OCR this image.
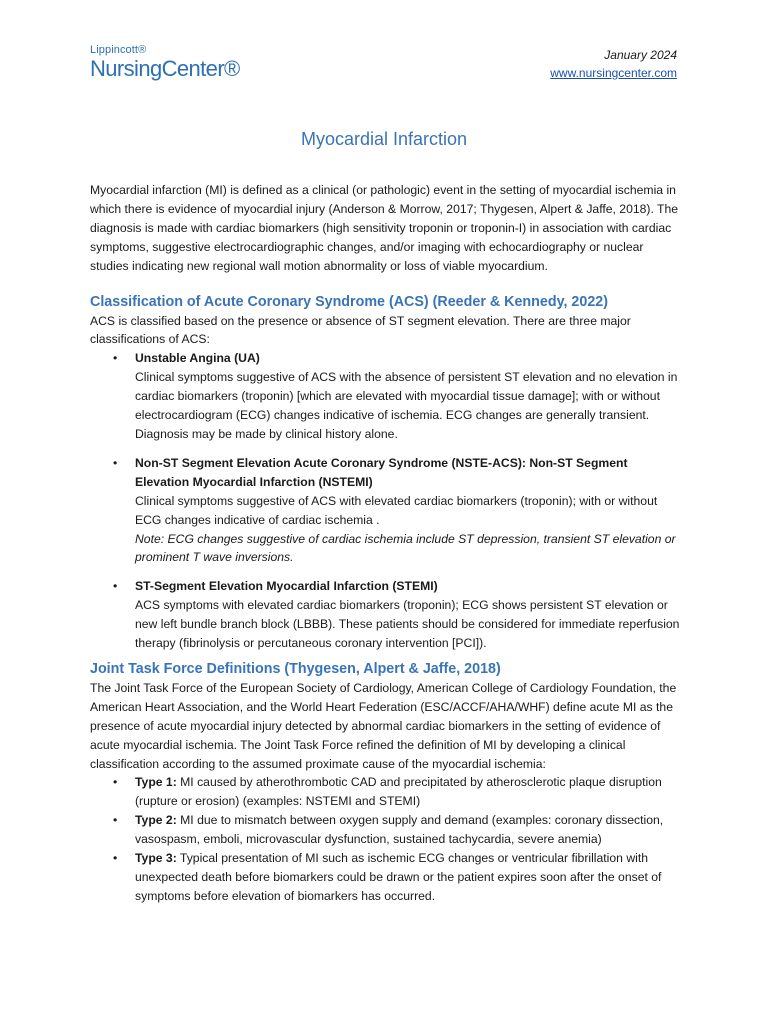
Lippincott®
NursingCenter®
January 2024
www.nursingcenter.com
Myocardial Infarction

Myocardial infarction (MI) is defined as a clinical (or pathologic) event in the setting of myocardial ischemia in which there is evidence of myocardial injury (Anderson & Morrow, 2017; Thygesen, Alpert & Jaffe, 2018). The diagnosis is made with cardiac biomarkers (high sensitivity troponin or troponin-I) in association with cardiac symptoms, suggestive electrocardiographic changes, and/or imaging with echocardiography or nuclear studies indicating new regional wall motion abnormality or loss of viable myocardium.

Classification of Acute Coronary Syndrome (ACS) (Reeder & Kennedy, 2022)

ACS is classified based on the presence or absence of ST segment elevation. There are three major classifications of ACS:

• Unstable Angina (UA)
Clinical symptoms suggestive of ACS with the absence of persistent ST elevation and no elevation in cardiac biomarkers (troponin) [which are elevated with myocardial tissue damage]; with or without electrocardiogram (ECG) changes indicative of ischemia. ECG changes are generally transient. Diagnosis may be made by clinical history alone.
• Non-ST Segment Elevation Acute Coronary Syndrome (NSTE-ACS): Non-ST Segment Elevation Myocardial Infarction (NSTEMI)
Clinical symptoms suggestive of ACS with elevated cardiac biomarkers (troponin); with or without ECG changes indicative of cardiac ischemia .
Note: ECG changes suggestive of cardiac ischemia include ST depression, transient ST elevation or prominent T wave inversions.
• ST-Segment Elevation Myocardial Infarction (STEMI)
ACS symptoms with elevated cardiac biomarkers (troponin); ECG shows persistent ST elevation or new left bundle branch block (LBBB). These patients should be considered for immediate reperfusion therapy (fibrinolysis or percutaneous coronary intervention [PCI]).
Joint Task Force Definitions (Thygesen, Alpert & Jaffe, 2018)

The Joint Task Force of the European Society of Cardiology, American College of Cardiology Foundation, the American Heart Association, and the World Heart Federation (ESC/ACCF/AHA/WHF) define acute MI as the presence of acute myocardial injury detected by abnormal cardiac biomarkers in the setting of evidence of acute myocardial ischemia. The Joint Task Force refined the definition of MI by developing a clinical classification according to the assumed proximate cause of the myocardial ischemia:

• Type 1: MI caused by atherothrombotic CAD and precipitated by atherosclerotic plaque disruption (rupture or erosion) (examples: NSTEMI and STEMI)
• Type 2: MI due to mismatch between oxygen supply and demand (examples: coronary dissection, vasospasm, emboli, microvascular dysfunction, sustained tachycardia, severe anemia)
• Type 3: Typical presentation of MI such as ischemic ECG changes or ventricular fibrillation with unexpected death before biomarkers could be drawn or the patient expires soon after the onset of symptoms before elevation of biomarkers has occurred.
